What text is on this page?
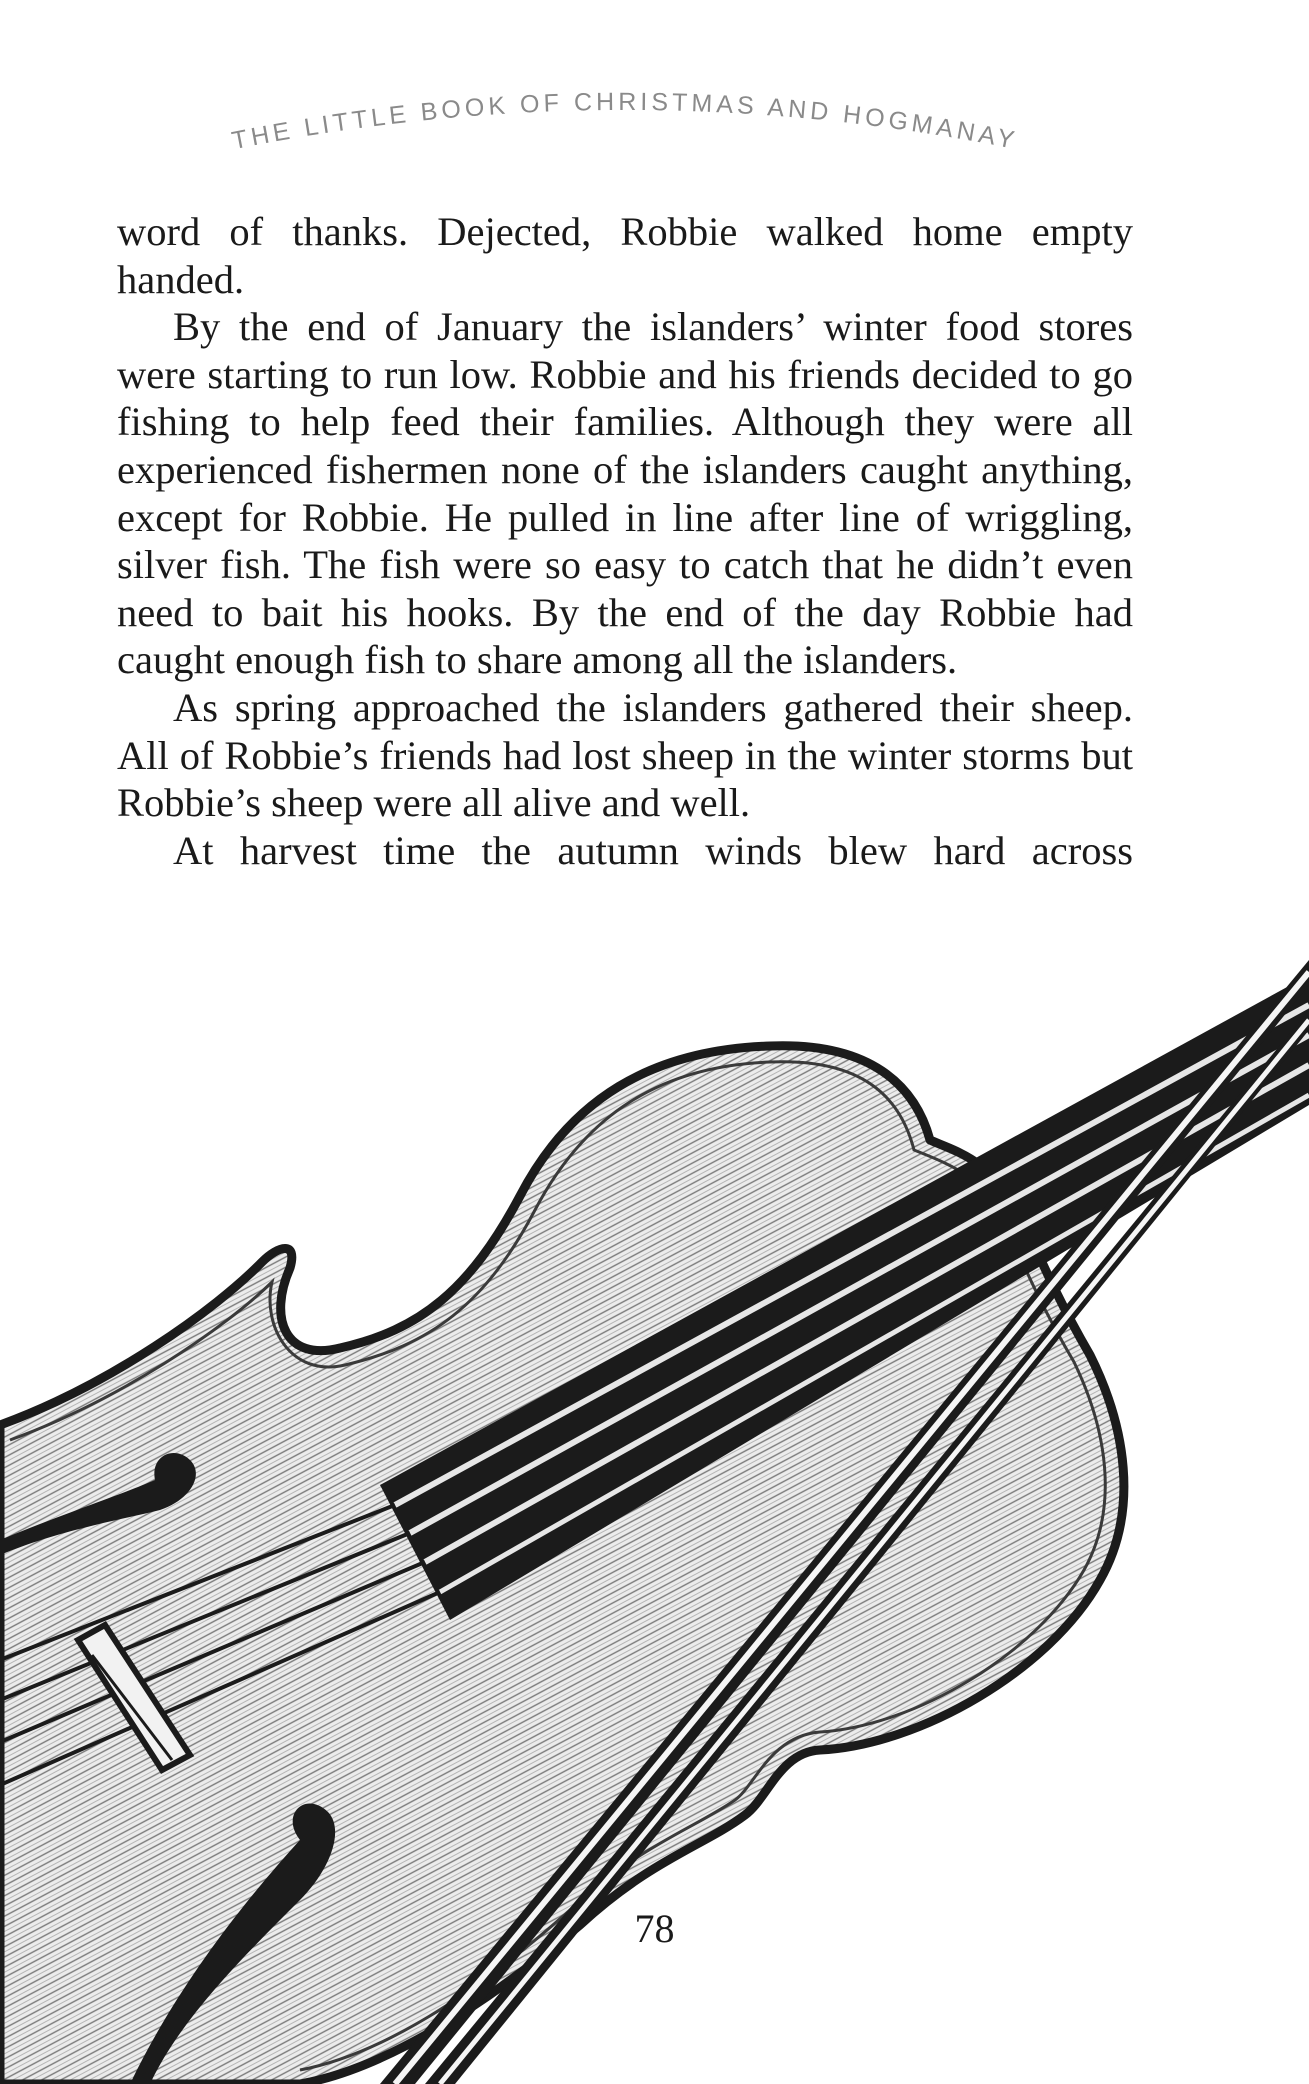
THE LITTLE BOOK OF CHRISTMAS AND HOGMANAY

word of thanks. Dejected, Robbie walked home empty handed.

By the end of January the islanders’ winter food stores were starting to run low. Robbie and his friends decided to go fishing to help feed their families. Although they were all experienced fishermen none of the islanders caught anything, except for Robbie. He pulled in line after line of wriggling, silver fish. The fish were so easy to catch that he didn’t even need to bait his hooks. By the end of the day Robbie had caught enough fish to share among all the islanders.

As spring approached the islanders gathered their sheep. All of Robbie’s friends had lost sheep in the winter storms but Robbie’s sheep were all alive and well.

At harvest time the autumn winds blew hard across

78
